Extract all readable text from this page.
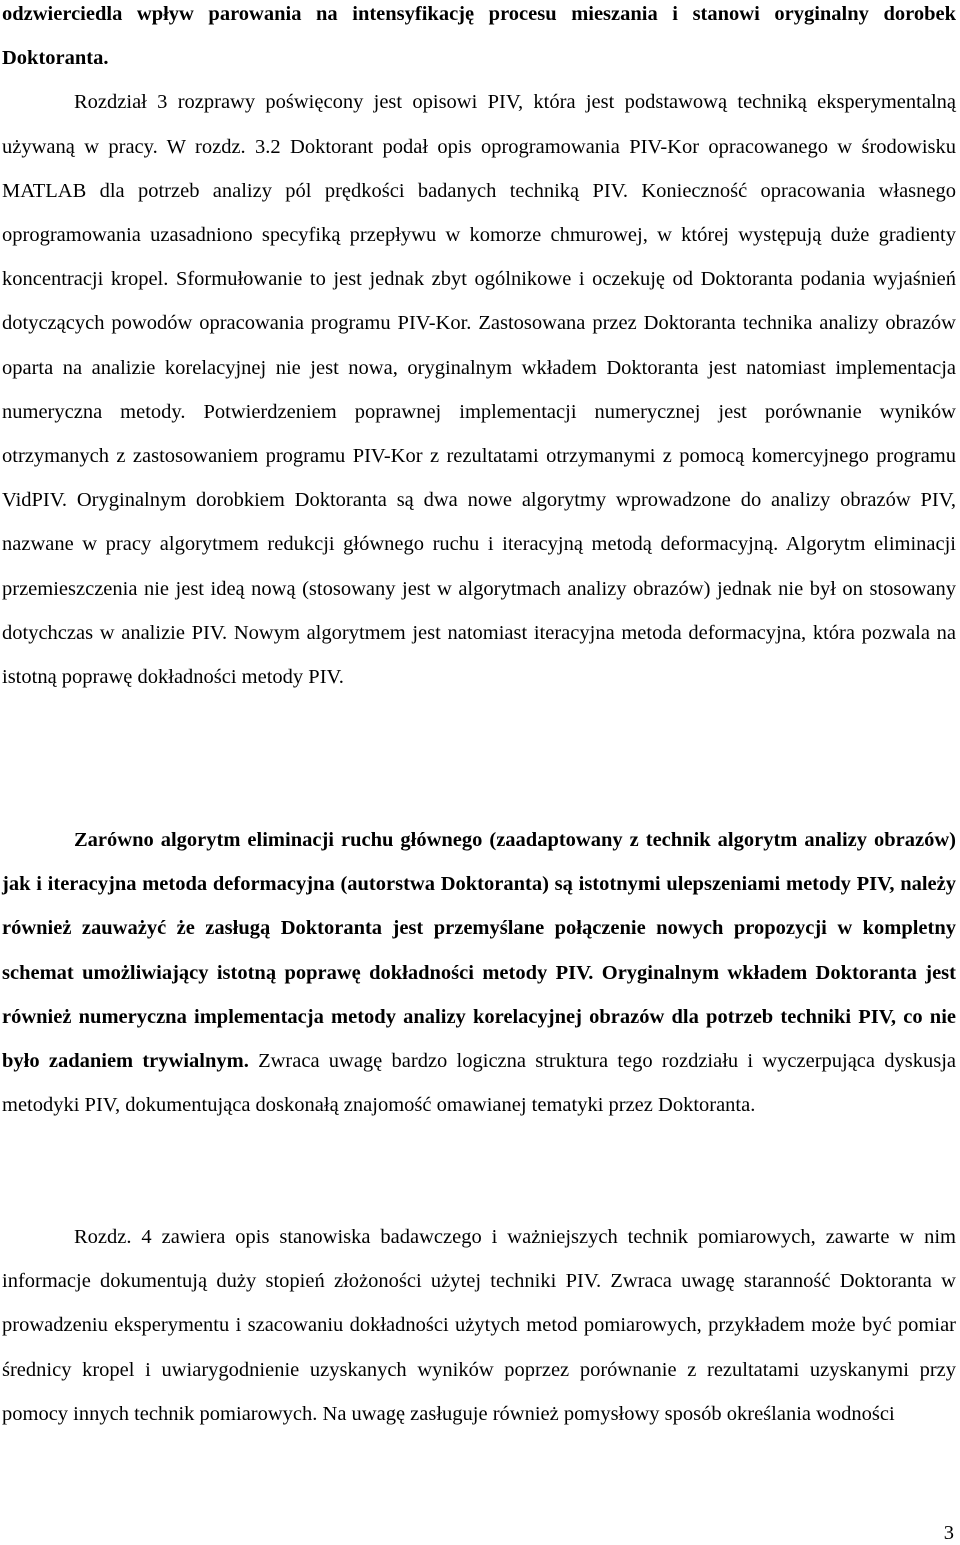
odzwierciedla wpływ parowania na intensyfikację procesu mieszania i stanowi oryginalny dorobek Doktoranta.

Rozdział 3 rozprawy poświęcony jest opisowi PIV, która jest podstawową techniką eksperymentalną używaną w pracy. W rozdz. 3.2 Doktorant podał opis oprogramowania PIV-Kor opracowanego w środowisku MATLAB dla potrzeb analizy pól prędkości badanych techniką PIV. Konieczność opracowania własnego oprogramowania uzasadniono specyfiką przepływu w komorze chmurowej, w której występują duże gradienty koncentracji kropel. Sformułowanie to jest jednak zbyt ogólnikowe i oczekuję od Doktoranta podania wyjaśnień dotyczących powodów opracowania programu PIV-Kor. Zastosowana przez Doktoranta technika analizy obrazów oparta na analizie korelacyjnej nie jest nowa, oryginalnym wkładem Doktoranta jest natomiast implementacja numeryczna metody. Potwierdzeniem poprawnej implementacji numerycznej jest porównanie wyników otrzymanych z zastosowaniem programu PIV-Kor z rezultatami otrzymanymi z pomocą komercyjnego programu VidPIV. Oryginalnym dorobkiem Doktoranta są dwa nowe algorytmy wprowadzone do analizy obrazów PIV, nazwane w pracy algorytmem redukcji głównego ruchu i iteracyjną metodą deformacyjną. Algorytm eliminacji przemieszczenia nie jest ideą nową (stosowany jest w algorytmach analizy obrazów) jednak nie był on stosowany dotychczas w analizie PIV. Nowym algorytmem jest natomiast iteracyjna metoda deformacyjna, która pozwala na istotną poprawę dokładności metody PIV.

Zarówno algorytm eliminacji ruchu głównego (zaadaptowany z technik algorytm analizy obrazów) jak i iteracyjna metoda deformacyjna (autorstwa Doktoranta) są istotnymi ulepszeniami metody PIV, należy również zauważyć że zasługą Doktoranta jest przemyślane połączenie nowych propozycji w kompletny schemat umożliwiający istotną poprawę dokładności metody PIV. Oryginalnym wkładem Doktoranta jest również numeryczna implementacja metody analizy korelacyjnej obrazów dla potrzeb techniki PIV, co nie było zadaniem trywialnym. Zwraca uwagę bardzo logiczna struktura tego rozdziału i wyczerpująca dyskusja metodyki PIV, dokumentująca doskonałą znajomość omawianej tematyki przez Doktoranta.

Rozdz. 4 zawiera opis stanowiska badawczego i ważniejszych technik pomiarowych, zawarte w nim informacje dokumentują duży stopień złożoności użytej techniki PIV. Zwraca uwagę staranność Doktoranta w prowadzeniu eksperymentu i szacowaniu dokładności użytych metod pomiarowych, przykładem może być pomiar średnicy kropel i uwiarygodnienie uzyskanych wyników poprzez porównanie z rezultatami uzyskanymi przy pomocy innych technik pomiarowych. Na uwagę zasługuje również pomysłowy sposób określania wodności

3
